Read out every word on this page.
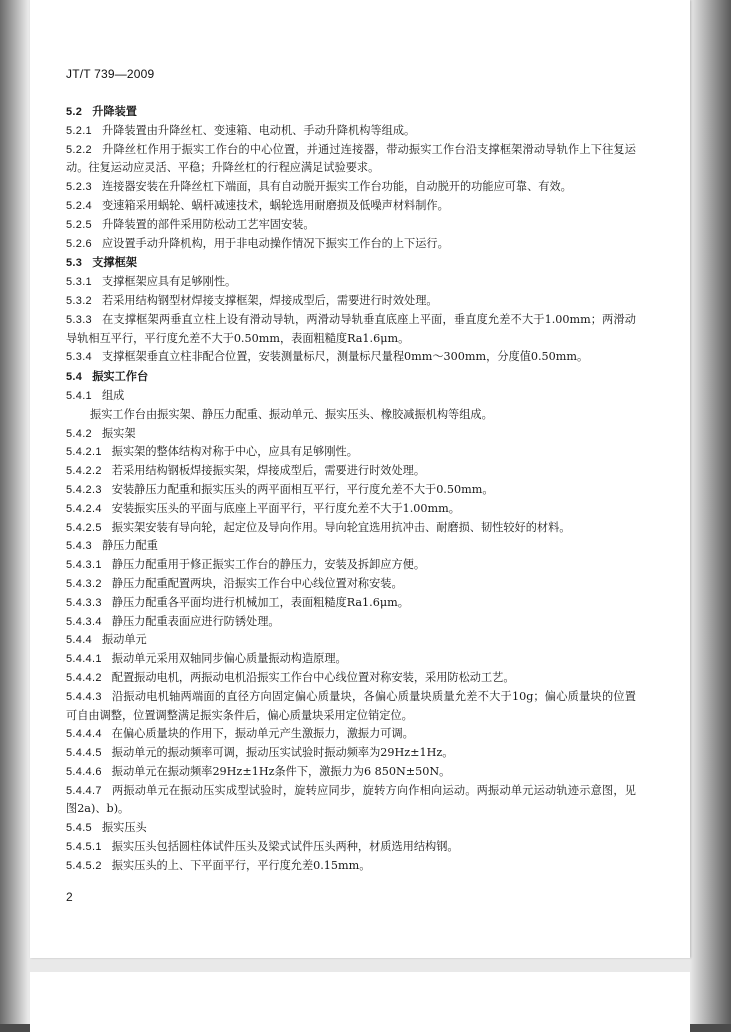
JT/T 739—2009
5.2 升降装置
5.2.1 升降装置由升降丝杠、变速箱、电动机、手动升降机构等组成。
5.2.2 升降丝杠作用于振实工作台的中心位置，并通过连接器，带动振实工作台沿支撑框架滑动导轨作上下往复运动。往复运动应灵活、平稳；升降丝杠的行程应满足试验要求。
5.2.3 连接器安装在升降丝杠下端面，具有自动脱开振实工作台功能，自动脱开的功能应可靠、有效。
5.2.4 变速箱采用蜗轮、蜗杆减速技术，蜗轮选用耐磨损及低噪声材料制作。
5.2.5 升降装置的部件采用防松动工艺牢固安装。
5.2.6 应设置手动升降机构，用于非电动操作情况下振实工作台的上下运行。
5.3 支撑框架
5.3.1 支撑框架应具有足够刚性。
5.3.2 若采用结构钢型材焊接支撑框架，焊接成型后，需要进行时效处理。
5.3.3 在支撑框架两垂直立柱上设有滑动导轨，两滑动导轨垂直底座上平面，垂直度允差不大于1.00mm；两滑动导轨相互平行，平行度允差不大于0.50mm，表面粗糙度Ra1.6μm。
5.3.4 支撑框架垂直立柱非配合位置，安装测量标尺，测量标尺量程0mm～300mm，分度值0.50mm。
5.4 振实工作台
5.4.1 组成
振实工作台由振实架、静压力配重、振动单元、振实压头、橡胶减振机构等组成。
5.4.2 振实架
5.4.2.1 振实架的整体结构对称于中心，应具有足够刚性。
5.4.2.2 若采用结构钢板焊接振实架，焊接成型后，需要进行时效处理。
5.4.2.3 安装静压力配重和振实压头的两平面相互平行，平行度允差不大于0.50mm。
5.4.2.4 安装振实压头的平面与底座上平面平行，平行度允差不大于1.00mm。
5.4.2.5 振实架安装有导向轮，起定位及导向作用。导向轮宜选用抗冲击、耐磨损、韧性较好的材料。
5.4.3 静压力配重
5.4.3.1 静压力配重用于修正振实工作台的静压力，安装及拆卸应方便。
5.4.3.2 静压力配重配置两块，沿振实工作台中心线位置对称安装。
5.4.3.3 静压力配重各平面均进行机械加工，表面粗糙度Ra1.6μm。
5.4.3.4 静压力配重表面应进行防锈处理。
5.4.4 振动单元
5.4.4.1 振动单元采用双轴同步偏心质量振动构造原理。
5.4.4.2 配置振动电机，两振动电机沿振实工作台中心线位置对称安装，采用防松动工艺。
5.4.4.3 沿振动电机轴两端面的直径方向固定偏心质量块，各偏心质量块质量允差不大于10g；偏心质量块的位置可自由调整，位置调整满足振实条件后，偏心质量块采用定位销定位。
5.4.4.4 在偏心质量块的作用下，振动单元产生激振力，激振力可调。
5.4.4.5 振动单元的振动频率可调，振动压实试验时振动频率为29Hz±1Hz。
5.4.4.6 振动单元在振动频率29Hz±1Hz条件下，激振力为6 850N±50N。
5.4.4.7 两振动单元在振动压实成型试验时，旋转应同步，旋转方向作相向运动。两振动单元运动轨迹示意图，见图2a)、b)。
5.4.5 振实压头
5.4.5.1 振实压头包括圆柱体试件压头及梁式试件压头两种，材质选用结构钢。
5.4.5.2 振实压头的上、下平面平行，平行度允差0.15mm。
2
